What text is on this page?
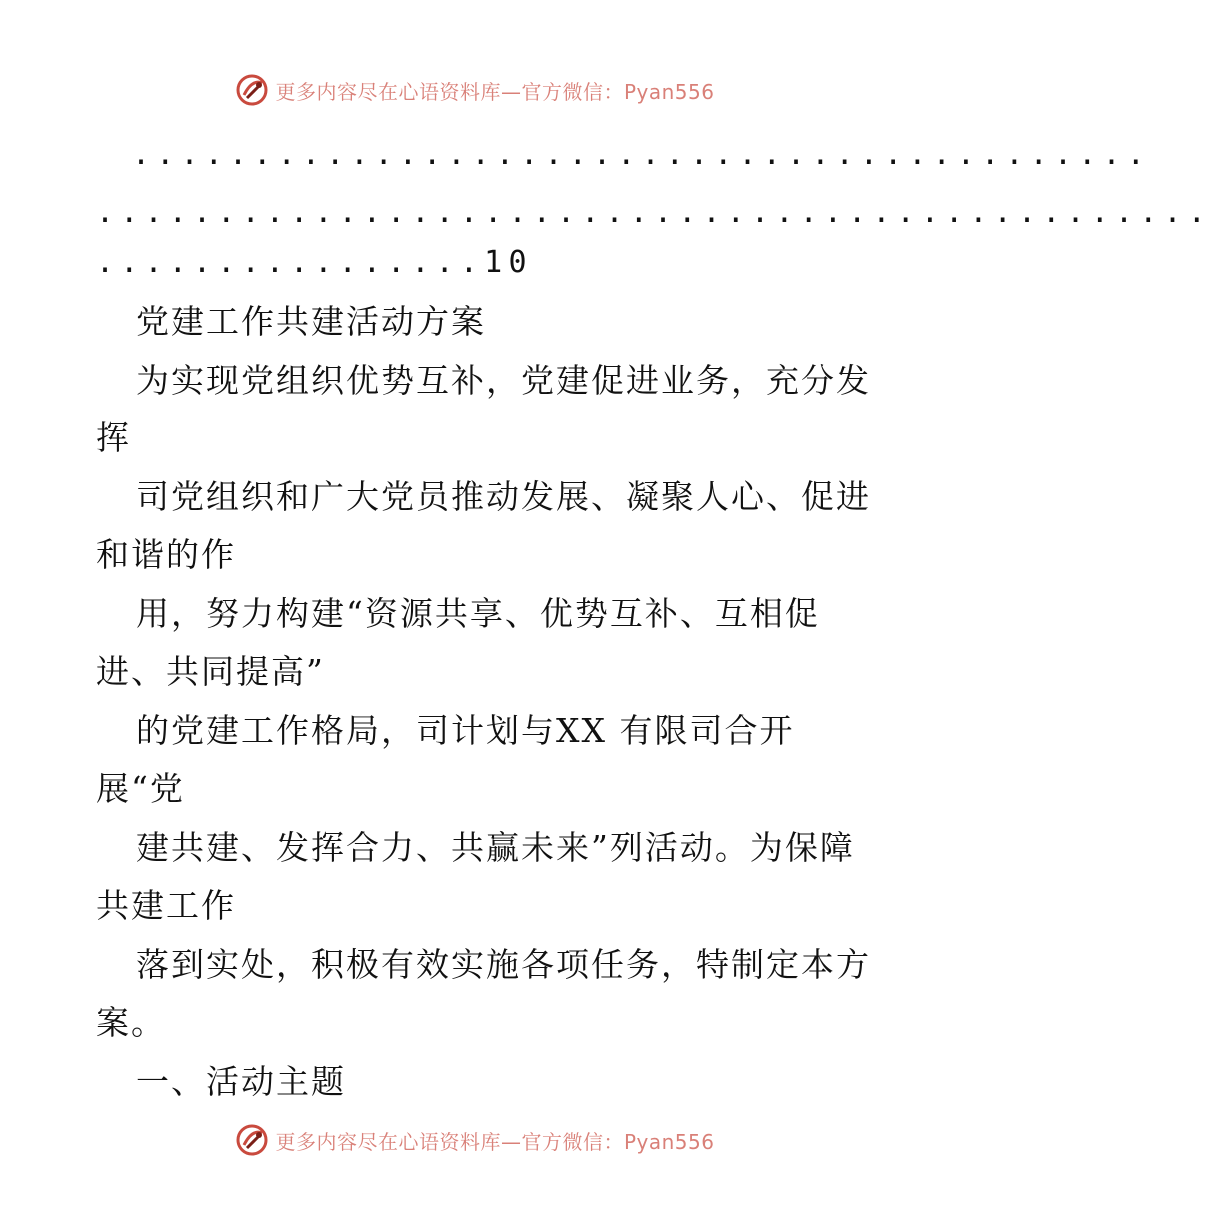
更多内容尽在心语资料库—官方微信：Pyan556
..........................................
..............................................
................10
党建工作共建活动方案
为实现党组织优势互补，党建促进业务，充分发
挥
司党组织和广大党员推动发展、凝聚人心、促进
和谐的作
用，努力构建“资源共享、优势互补、互相促
进、共同提高”
的党建工作格局，司计划与XX 有限司合开
展“党
建共建、发挥合力、共赢未来”列活动。为保障
共建工作
落到实处，积极有效实施各项任务，特制定本方
案。
一、活动主题
更多内容尽在心语资料库—官方微信：Pyan556
